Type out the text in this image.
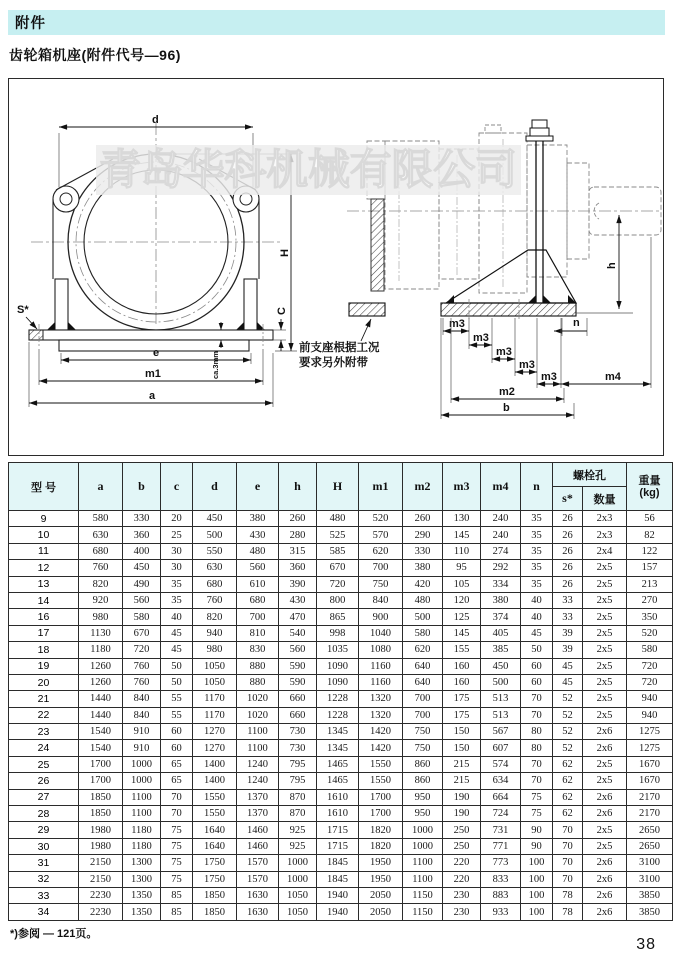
附件
齿轮箱机座(附件代号—96)
d
H
S*	C
e
m1
a
ca.3mm
前支座根据工况
要求另外附带
h
n
m3
m3
m3
m3
m3	m4
m2
b
青岛华科机械有限公司
型 号	a	b	c	d	e	h	H	m1	m2	m3	m4	n	螺栓孔		重量
(kg)

													s*	数量	
9	580	330	20	450	380	260	480	520	260	130	240	35	26	2x3	56
10	630	360	25	500	430	280	525	570	290	145	240	35	26	2x3	82
11	680	400	30	550	480	315	585	620	330	110	274	35	26	2x4	122
12	760	450	30	630	560	360	670	700	380	95	292	35	26	2x5	157
13	820	490	35	680	610	390	720	750	420	105	334	35	26	2x5	213
14	920	560	35	760	680	430	800	840	480	120	380	40	33	2x5	270
16	980	580	40	820	700	470	865	900	500	125	374	40	33	2x5	350
17	1130	670	45	940	810	540	998	1040	580	145	405	45	39	2x5	520
18	1180	720	45	980	830	560	1035	1080	620	155	385	50	39	2x5	580
19	1260	760	50	1050	880	590	1090	1160	640	160	450	60	45	2x5	720
20	1260	760	50	1050	880	590	1090	1160	640	160	500	60	45	2x5	720
21	1440	840	55	1170	1020	660	1228	1320	700	175	513	70	52	2x5	940
22	1440	840	55	1170	1020	660	1228	1320	700	175	513	70	52	2x5	940
23	1540	910	60	1270	1100	730	1345	1420	750	150	567	80	52	2x6	1275
24	1540	910	60	1270	1100	730	1345	1420	750	150	607	80	52	2x6	1275
25	1700	1000	65	1400	1240	795	1465	1550	860	215	574	70	62	2x5	1670
26	1700	1000	65	1400	1240	795	1465	1550	860	215	634	70	62	2x5	1670
27	1850	1100	70	1550	1370	870	1610	1700	950	190	664	75	62	2x6	2170
28	1850	1100	70	1550	1370	870	1610	1700	950	190	724	75	62	2x6	2170
29	1980	1180	75	1640	1460	925	1715	1820	1000	250	731	90	70	2x5	2650
30	1980	1180	75	1640	1460	925	1715	1820	1000	250	771	90	70	2x5	2650
31	2150	1300	75	1750	1570	1000	1845	1950	1100	220	773	100	70	2x6	3100
32	2150	1300	75	1750	1570	1000	1845	1950	1100	220	833	100	70	2x6	3100
33	2230	1350	85	1850	1630	1050	1940	2050	1150	230	883	100	78	2x6	3850
34	2230	1350	85	1850	1630	1050	1940	2050	1150	230	933	100	78	2x6	3850
*)参阅 — 121页。
38
